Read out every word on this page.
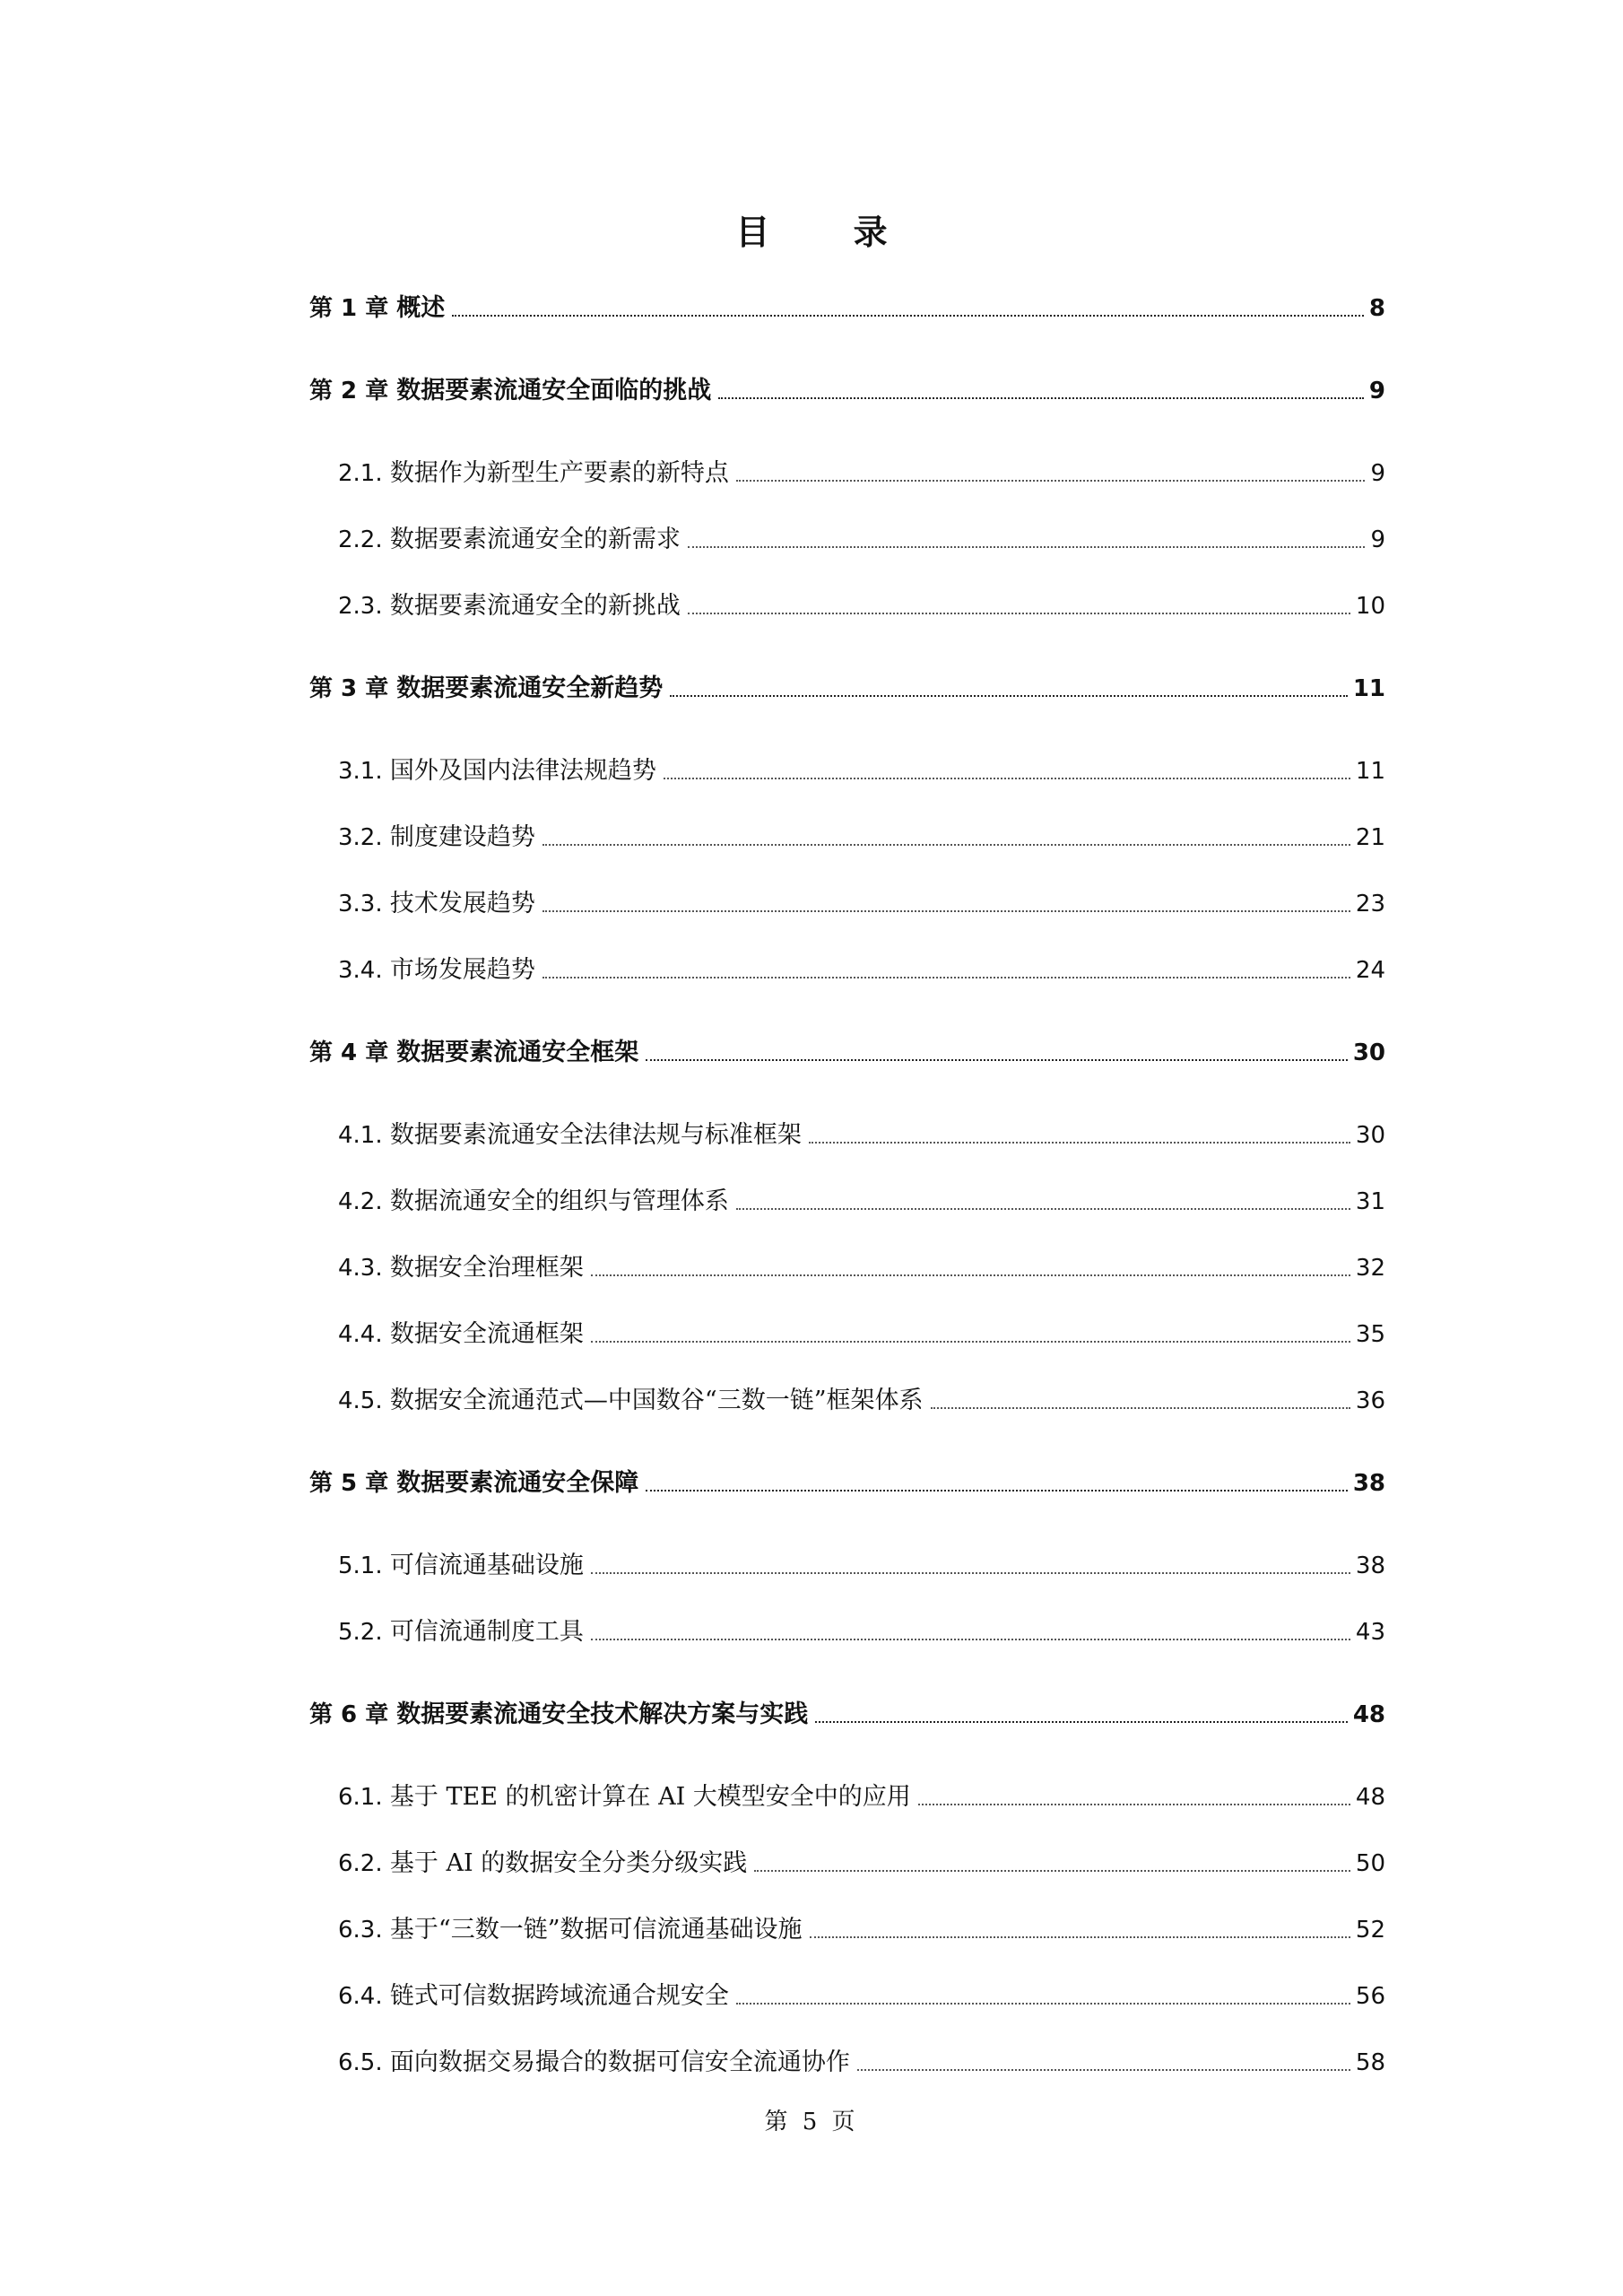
目 录
第 1 章 概述	8
第 2 章 数据要素流通安全面临的挑战	9
2.1. 数据作为新型生产要素的新特点	9
2.2. 数据要素流通安全的新需求	9
2.3. 数据要素流通安全的新挑战	10
第 3 章 数据要素流通安全新趋势	11
3.1. 国外及国内法律法规趋势	11
3.2. 制度建设趋势	21
3.3. 技术发展趋势	23
3.4. 市场发展趋势	24
第 4 章 数据要素流通安全框架	30
4.1. 数据要素流通安全法律法规与标准框架	30
4.2. 数据流通安全的组织与管理体系	31
4.3. 数据安全治理框架	32
4.4. 数据安全流通框架	35
4.5. 数据安全流通范式—中国数谷“三数一链”框架体系	36
第 5 章 数据要素流通安全保障	38
5.1. 可信流通基础设施	38
5.2. 可信流通制度工具	43
第 6 章 数据要素流通安全技术解决方案与实践	48
6.1. 基于 TEE 的机密计算在 AI 大模型安全中的应用	48
6.2. 基于 AI 的数据安全分类分级实践	50
6.3. 基于“三数一链”数据可信流通基础设施	52
6.4. 链式可信数据跨域流通合规安全	56
6.5. 面向数据交易撮合的数据可信安全流通协作	58
第 5 页
